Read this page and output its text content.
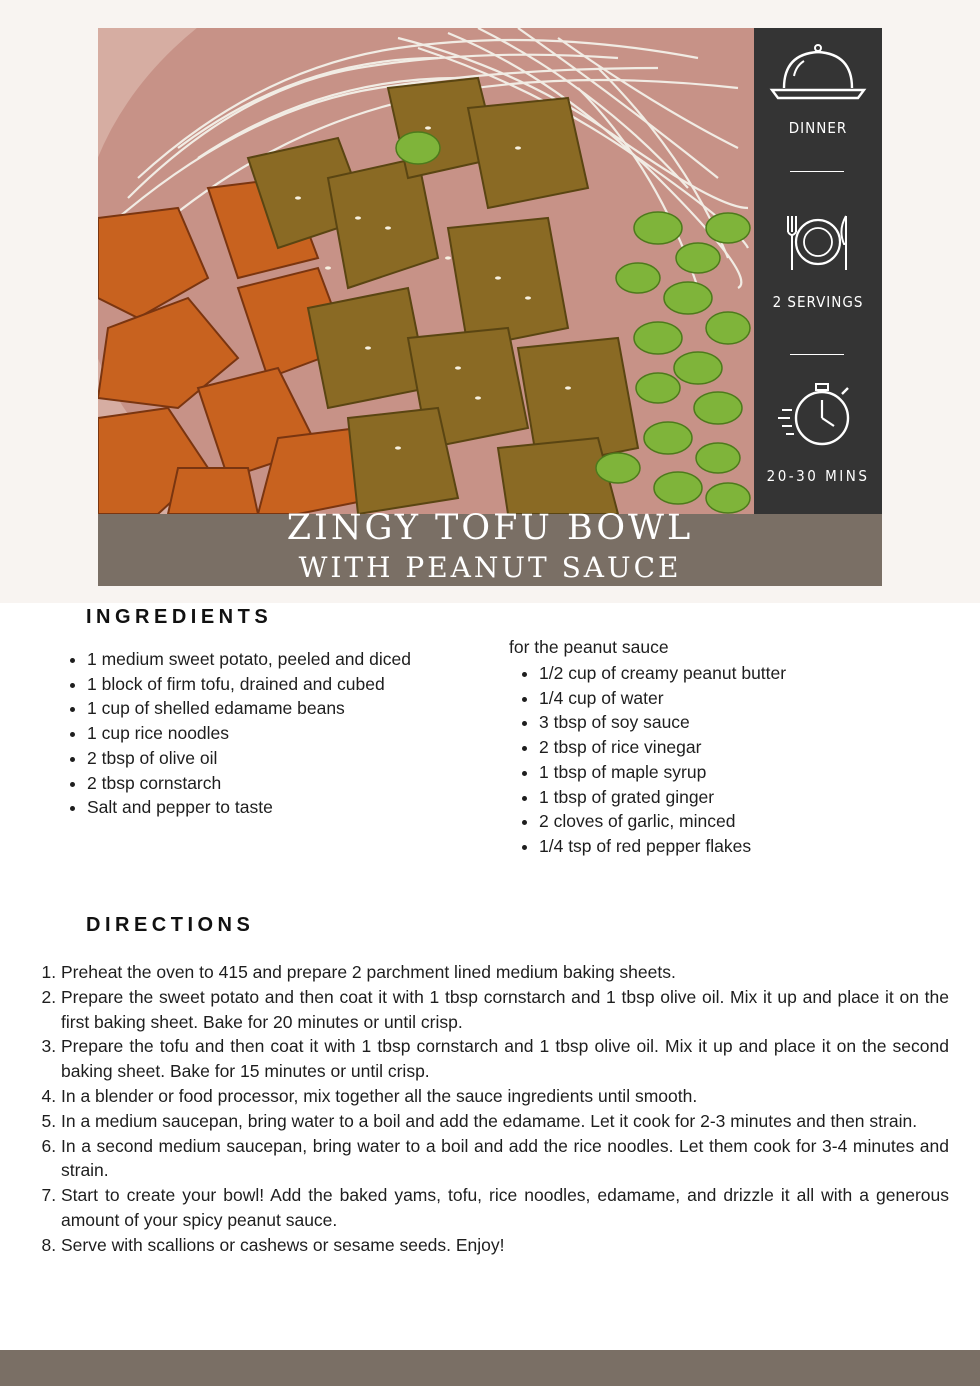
DINNER
2 SERVINGS
20-30 MINS
ZINGY TOFU BOWL
WITH PEANUT SAUCE
INGREDIENTS
• 1 medium sweet potato, peeled and diced
• 1 block of firm tofu, drained and cubed
• 1 cup of shelled edamame beans
• 1 cup rice noodles
• 2 tbsp of olive oil
• 2 tbsp cornstarch
• Salt and pepper to taste
for the peanut sauce
• 1/2 cup of creamy peanut butter
• 1/4 cup of water
• 3 tbsp of soy sauce
• 2 tbsp of rice vinegar
• 1 tbsp of maple syrup
• 1 tbsp of grated ginger
• 2 cloves of garlic, minced
• 1/4 tsp of red pepper flakes
DIRECTIONS
1. Preheat the oven to 415 and prepare 2 parchment lined medium baking sheets.
2. Prepare the sweet potato and then coat it with 1 tbsp cornstarch and 1 tbsp olive oil. Mix it up and place it on the first baking sheet. Bake for 20 minutes or until crisp.
3. Prepare the tofu and then coat it with 1 tbsp cornstarch and 1 tbsp olive oil. Mix it up and place it on the second baking sheet. Bake for 15 minutes or until crisp.
4. In a blender or food processor, mix together all the sauce ingredients until smooth.
5. In a medium saucepan, bring water to a boil and add the edamame. Let it cook for 2-3 minutes and then strain.
6. In a second medium saucepan, bring water to a boil and add the rice noodles. Let them cook for 3-4 minutes and strain.
7. Start to create your bowl! Add the baked yams, tofu, rice noodles, edamame, and drizzle it all with a generous amount of your spicy peanut sauce.
8. Serve with scallions or cashews or sesame seeds. Enjoy!
